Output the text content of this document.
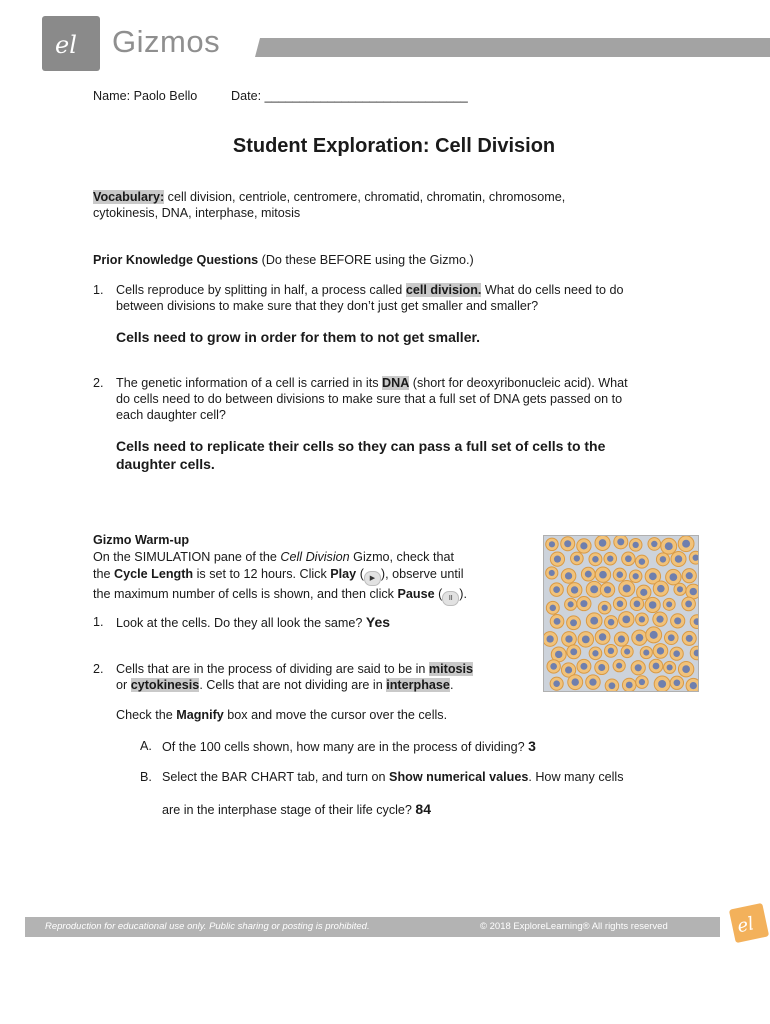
el Gizmos
Name: Paolo Bello	Date: _____________________________
Student Exploration: Cell Division
Vocabulary: cell division, centriole, centromere, chromatid, chromatin, chromosome,
cytokinesis, DNA, interphase, mitosis
Prior Knowledge Questions (Do these BEFORE using the Gizmo.)
1. Cells reproduce by splitting in half, a process called cell division. What do cells need to do
between divisions to make sure that they don’t just get smaller and smaller?
Cells need to grow in order for them to not get smaller.
2. The genetic information of a cell is carried in its DNA (short for deoxyribonucleic acid). What
do cells need to do between divisions to make sure that a full set of DNA gets passed on to
each daughter cell?
Cells need to replicate their cells so they can pass a full set of cells to the
daughter cells.
Gizmo Warm-up
On the SIMULATION pane of the Cell Division Gizmo, check that
the Cycle Length is set to 12 hours. Click Play ( ▶ ), observe until
the maximum number of cells is shown, and then click Pause ( II ).
1. Look at the cells. Do they all look the same? Yes
2. Cells that are in the process of dividing are said to be in mitosis
or cytokinesis. Cells that are not dividing are in interphase.
Check the Magnify box and move the cursor over the cells.
A. Of the 100 cells shown, how many are in the process of dividing? 3
B. Select the BAR CHART tab, and turn on Show numerical values. How many cells
are in the interphase stage of their life cycle? 84
Reproduction for educational use only. Public sharing or posting is prohibited.	© 2018 ExploreLearning® All rights reserved	el
